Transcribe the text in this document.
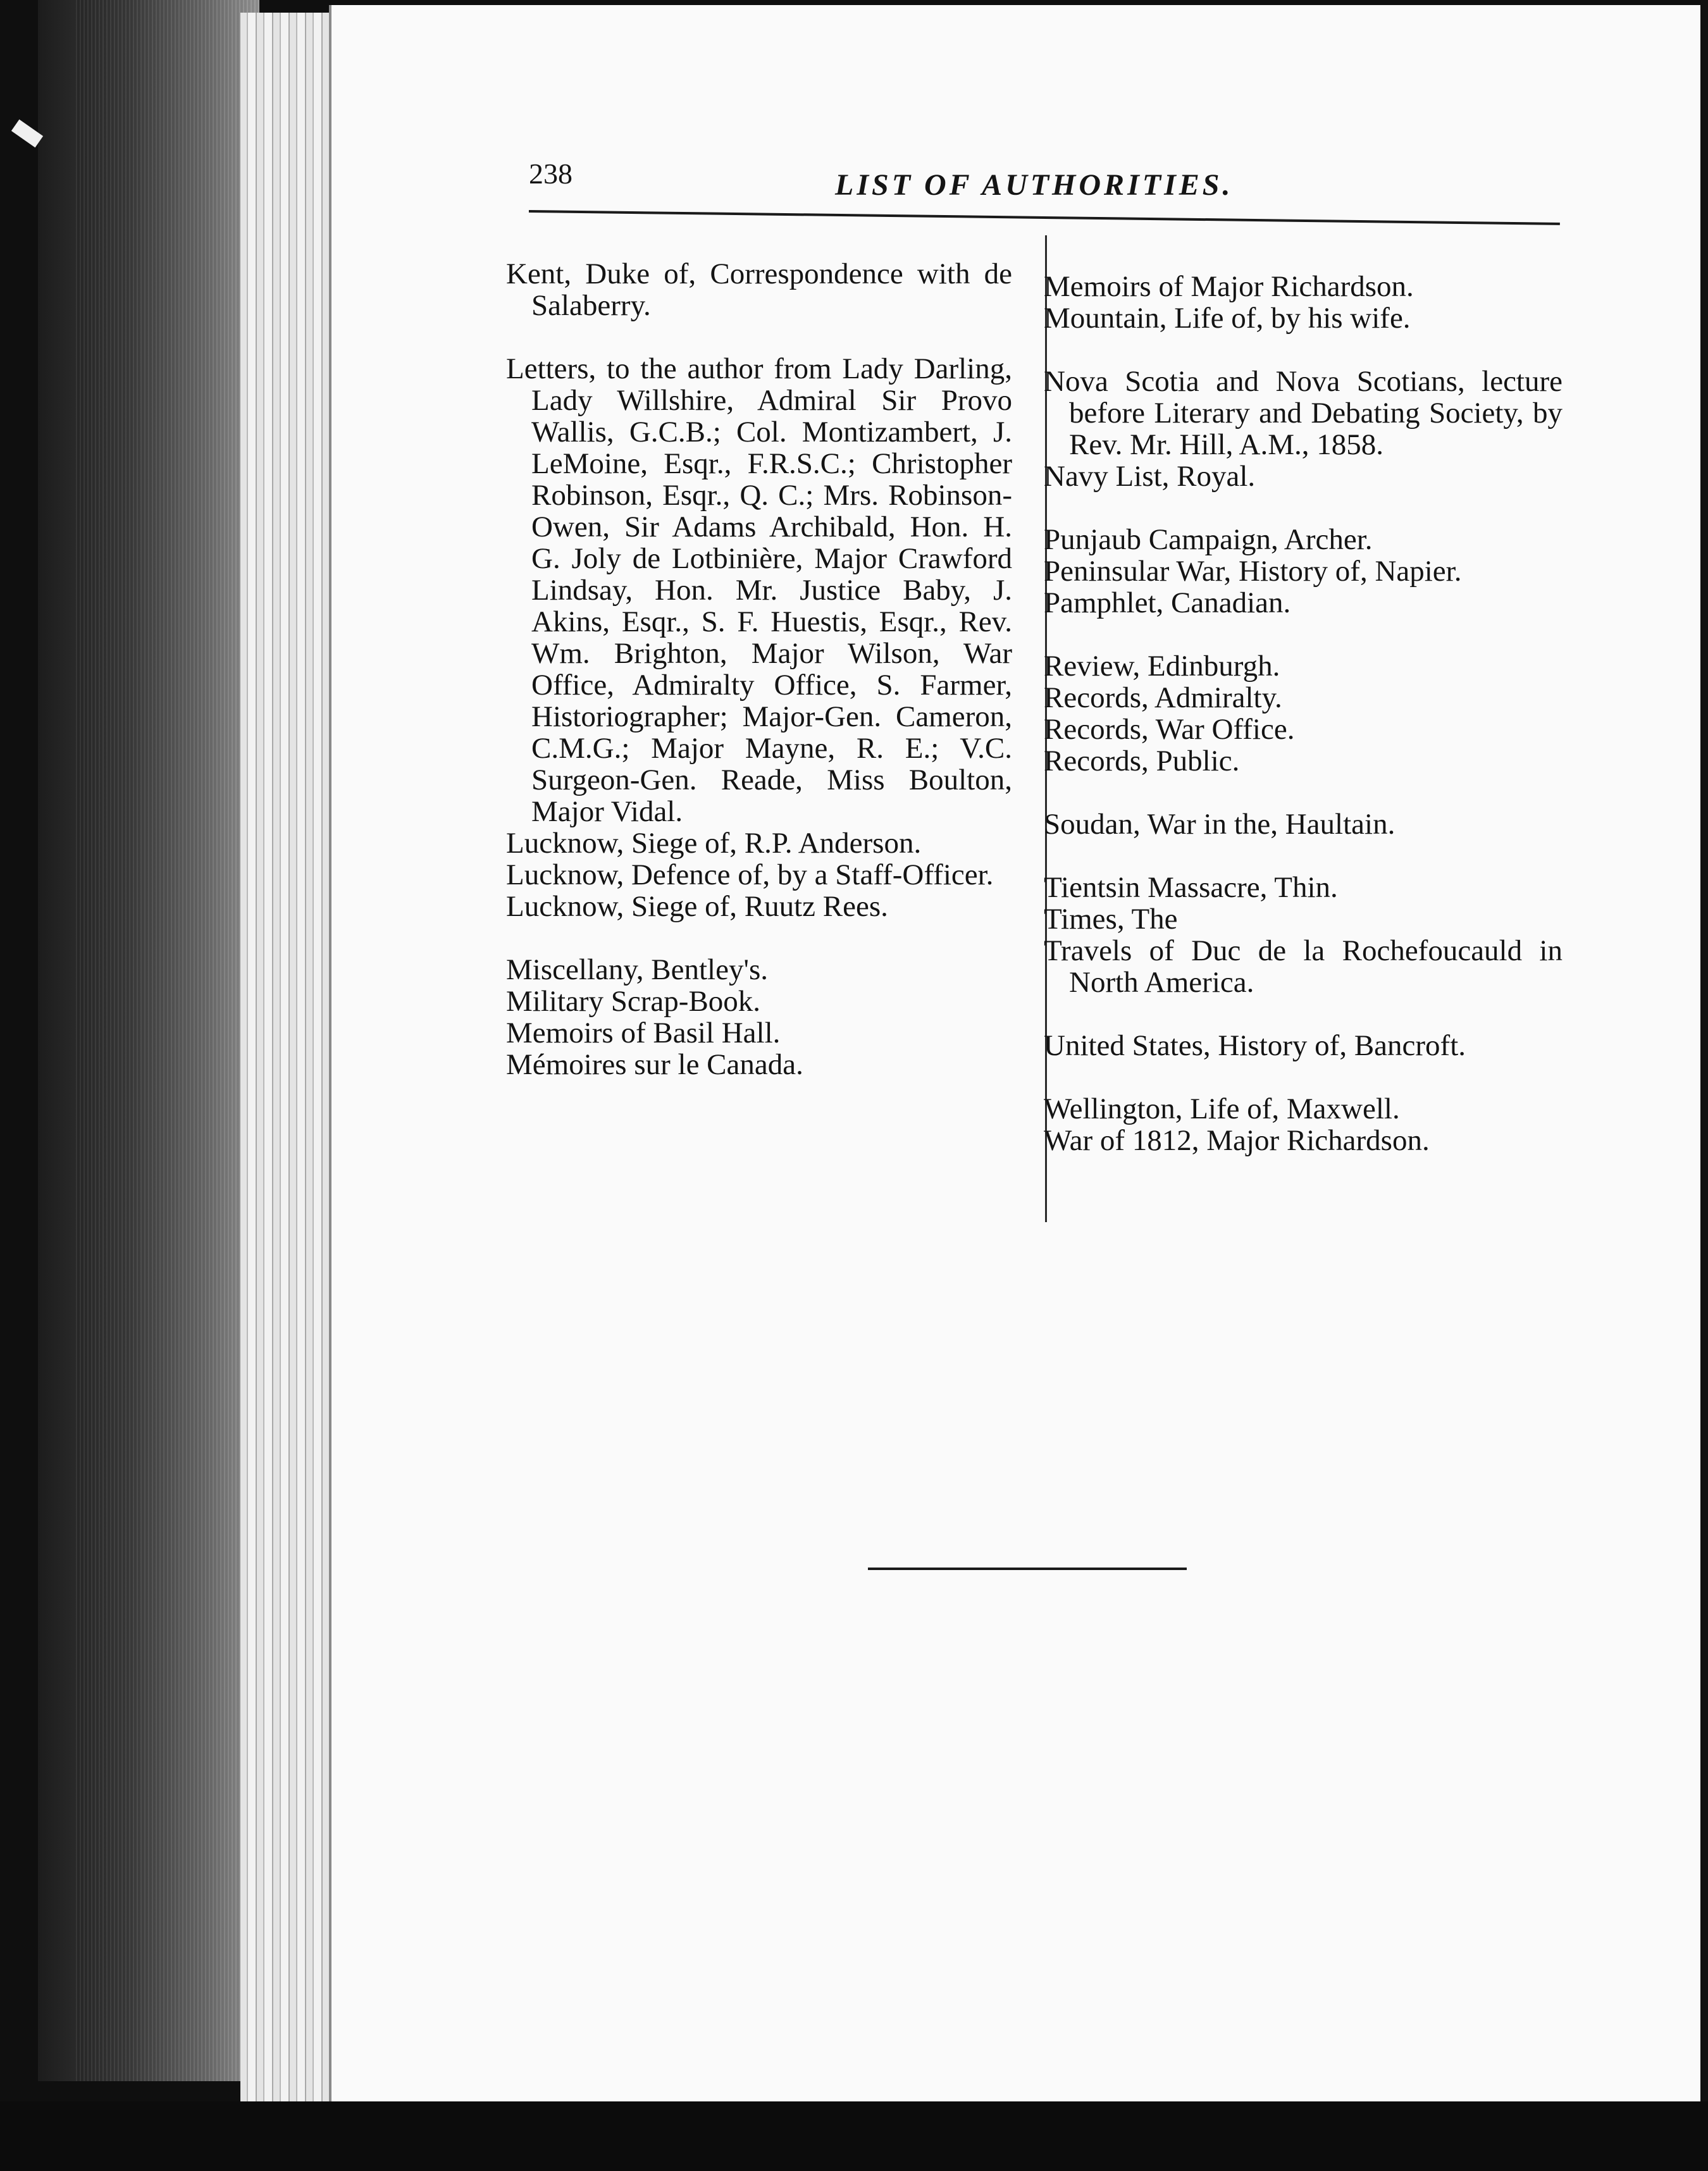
238	LIST OF AUTHORITIES.

Kent, Duke of, Correspondence with de Salaberry.

Letters, to the author from Lady Darling, Lady Willshire, Admiral Sir Provo Wallis, G.C.B.; Col. Montizambert, J. LeMoine, Esqr., F.R.S.C.; Christopher Robinson, Esqr., Q. C.; Mrs. Robinson-Owen, Sir Adams Archibald, Hon. H. G. Joly de Lotbinière, Major Crawford Lindsay, Hon. Mr. Justice Baby, J. Akins, Esqr., S. F. Huestis, Esqr., Rev. Wm. Brighton, Major Wilson, War Office, Admiralty Office, S. Farmer, Historiographer; Major-Gen. Cameron, C.M.G.; Major Mayne, R. E.; V.C. Surgeon-Gen. Reade, Miss Boulton, Major Vidal.

Lucknow, Siege of, R.P. Anderson.

Lucknow, Defence of, by a Staff-Officer.

Lucknow, Siege of, Ruutz Rees.

Miscellany, Bentley's.

Military Scrap-Book.

Memoirs of Basil Hall.

Mémoires sur le Canada.

Memoirs of Major Richardson.

Mountain, Life of, by his wife.

Nova Scotia and Nova Scotians, lecture before Literary and Debating Society, by Rev. Mr. Hill, A.M., 1858.

Navy List, Royal.

Punjaub Campaign, Archer.

Peninsular War, History of, Napier.

Pamphlet, Canadian.

Review, Edinburgh.

Records, Admiralty.

Records, War Office.

Records, Public.

Soudan, War in the, Haultain.

Tientsin Massacre, Thin.

Times, The

Travels of Duc de la Rochefoucauld in North America.

United States, History of, Bancroft.

Wellington, Life of, Maxwell.

War of 1812, Major Richardson.
